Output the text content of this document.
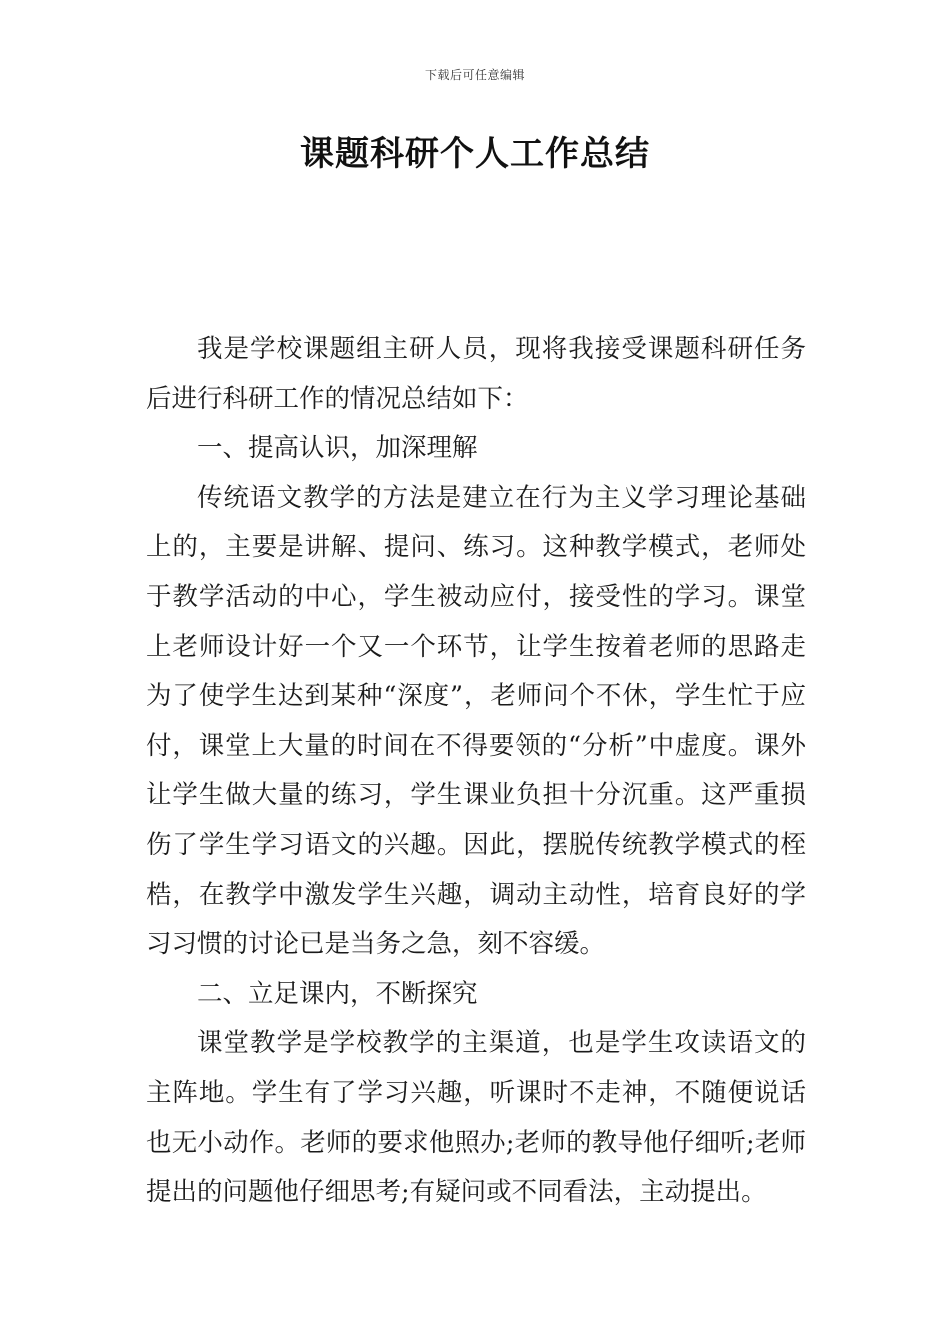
下载后可任意编辑
课题科研个人工作总结

我是学校课题组主研人员，现将我接受课题科研任务后进行科研工作的情况总结如下：

一、提高认识，加深理解

传统语文教学的方法是建立在行为主义学习理论基础上的，主要是讲解、提问、练习。这种教学模式，老师处于教学活动的中心，学生被动应付，接受性的学习。课堂上老师设计好一个又一个环节，让学生按着老师的思路走为了使学生达到某种“深度”，老师问个不休，学生忙于应付，课堂上大量的时间在不得要领的“分析”中虚度。课外让学生做大量的练习，学生课业负担十分沉重。这严重损伤了学生学习语文的兴趣。因此，摆脱传统教学模式的桎梏，在教学中激发学生兴趣，调动主动性，培育良好的学习习惯的讨论已是当务之急，刻不容缓。

二、立足课内，不断探究

课堂教学是学校教学的主渠道，也是学生攻读语文的主阵地。学生有了学习兴趣，听课时不走神，不随便说话也无小动作。老师的要求他照办;老师的教导他仔细听;老师提出的问题他仔细思考;有疑问或不同看法，主动提出。
